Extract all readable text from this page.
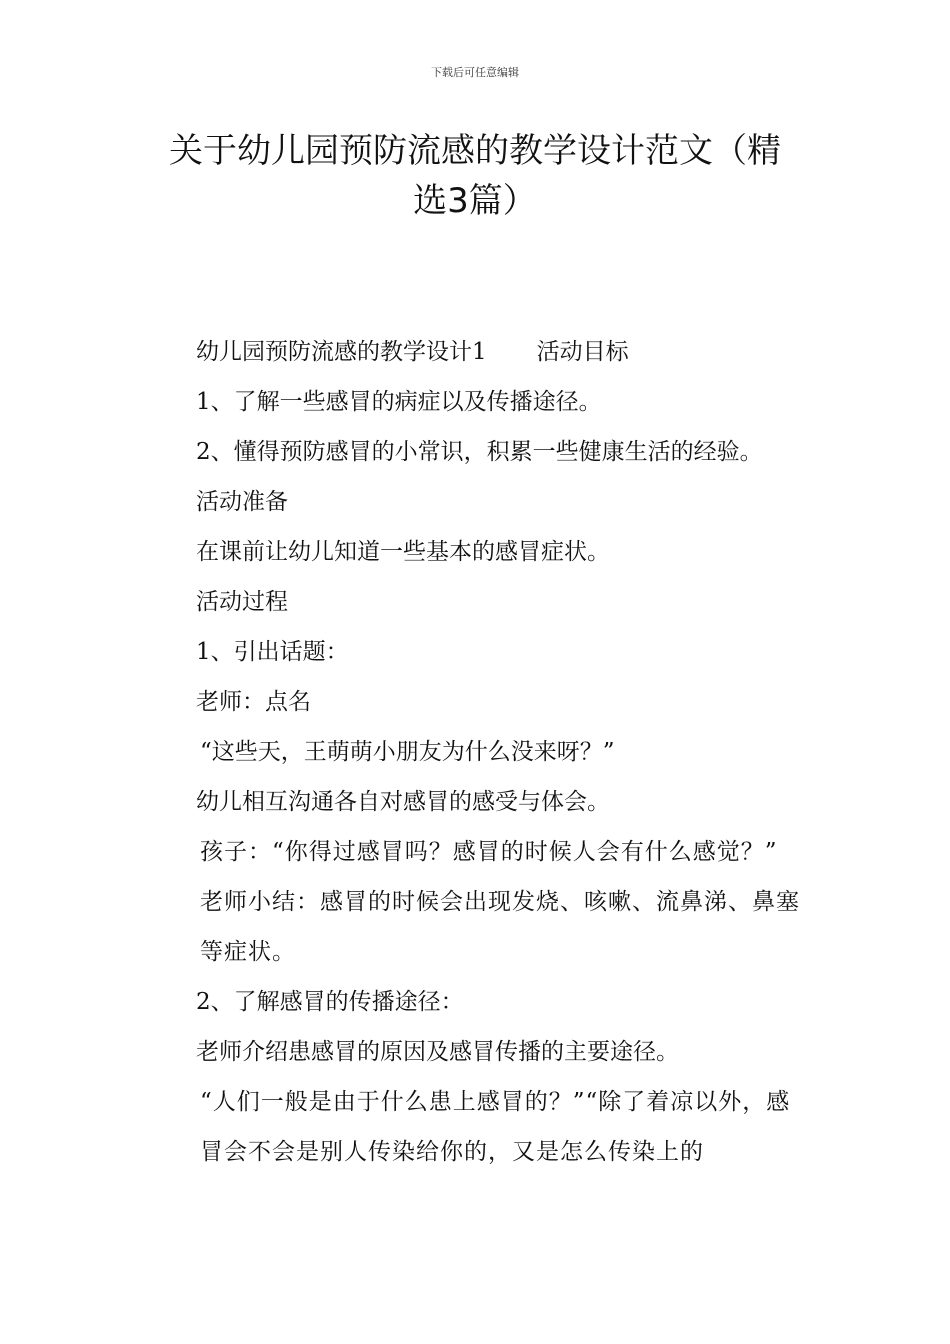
下载后可任意编辑
关于幼儿园预防流感的教学设计范文（精
选3篇）

幼儿园预防流感的教学设计1 活动目标

1、了解一些感冒的病症以及传播途径。

2、懂得预防感冒的小常识，积累一些健康生活的经验。

活动准备

在课前让幼儿知道一些基本的感冒症状。

活动过程

1、引出话题：

老师：点名

“这些天，王萌萌小朋友为什么没来呀？”

幼儿相互沟通各自对感冒的感受与体会。

孩子：“你得过感冒吗？感冒的时候人会有什么感觉？”

老师小结：感冒的时候会出现发烧、咳嗽、流鼻涕、鼻塞等症状。

2、了解感冒的传播途径：

老师介绍患感冒的原因及感冒传播的主要途径。

“人们一般是由于什么患上感冒的？”“除了着凉以外，感冒会不会是别人传染给你的，又是怎么传染上的
